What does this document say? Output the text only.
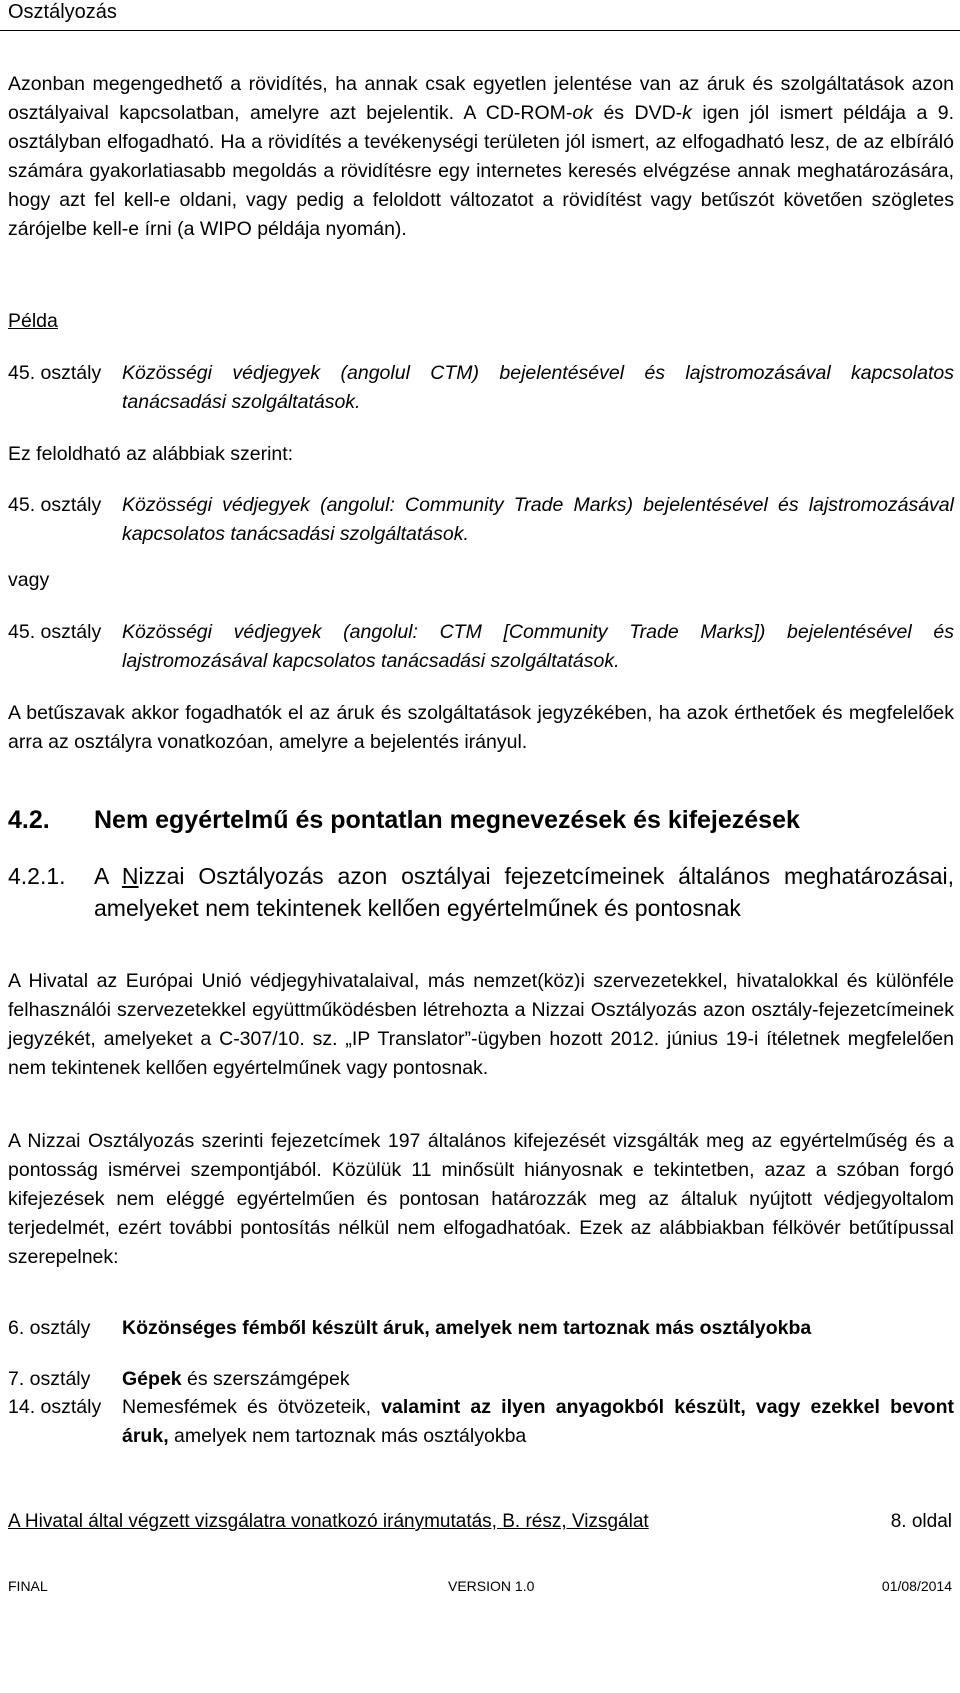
Osztályozás
Azonban megengedhető a rövidítés, ha annak csak egyetlen jelentése van az áruk és szolgáltatások azon osztályaival kapcsolatban, amelyre azt bejelentik. A CD-ROM-ok és DVD-k igen jól ismert példája a 9. osztályban elfogadható. Ha a rövidítés a tevékenységi területen jól ismert, az elfogadható lesz, de az elbíráló számára gyakorlatiasabb megoldás a rövidítésre egy internetes keresés elvégzése annak meghatározására, hogy azt fel kell-e oldani, vagy pedig a feloldott változatot a rövidítést vagy betűszót követően szögletes zárójelbe kell-e írni (a WIPO példája nyomán).
Példa
45. osztály Közösségi védjegyek (angolul CTM) bejelentésével és lajstromozásával kapcsolatos tanácsadási szolgáltatások.
Ez feloldható az alábbiak szerint:
45. osztály Közösségi védjegyek (angolul: Community Trade Marks) bejelentésével és lajstromozásával kapcsolatos tanácsadási szolgáltatások.
vagy
45. osztály Közösségi védjegyek (angolul: CTM [Community Trade Marks]) bejelentésével és lajstromozásával kapcsolatos tanácsadási szolgáltatások.
A betűszavak akkor fogadhatók el az áruk és szolgáltatások jegyzékében, ha azok érthetőek és megfelelőek arra az osztályra vonatkozóan, amelyre a bejelentés irányul.
4.2. Nem egyértelmű és pontatlan megnevezések és kifejezések
4.2.1. A Nizzai Osztályozás azon osztályai fejezetcímeinek általános meghatározásai, amelyeket nem tekintenek kellően egyértelműnek és pontosnak
A Hivatal az Európai Unió védjegyhivatalaival, más nemzet(köz)i szervezetekkel, hivatalokkal és különféle felhasználói szervezetekkel együttműködésben létrehozta a Nizzai Osztályozás azon osztály-fejezetcímeinek jegyzékét, amelyeket a C-307/10. sz. „IP Translator”-ügyben hozott 2012. június 19-i ítéletnek megfelelően nem tekintenek kellően egyértelműnek vagy pontosnak.
A Nizzai Osztályozás szerinti fejezetcímek 197 általános kifejezését vizsgálták meg az egyértelműség és a pontosság ismérvei szempontjából. Közülük 11 minősült hiányosnak e tekintetben, azaz a szóban forgó kifejezések nem eléggé egyértelműen és pontosan határozzák meg az általuk nyújtott védjegyoltalom terjedelmét, ezért további pontosítás nélkül nem elfogadhatóak. Ezek az alábbiakban félkövér betűtípussal szerepelnek:
6. osztály Közönséges fémből készült áruk, amelyek nem tartoznak más osztályokba
7. osztály Gépek és szerszámgépek
14. osztály Nemesfémek és ötvözeteik, valamint az ilyen anyagokból készült, vagy ezekkel bevont áruk, amelyek nem tartoznak más osztályokba
A Hivatal által végzett vizsgálatra vonatkozó iránymutatás, B. rész, Vizsgálat	8. oldal
FINAL	VERSION 1.0	01/08/2014
